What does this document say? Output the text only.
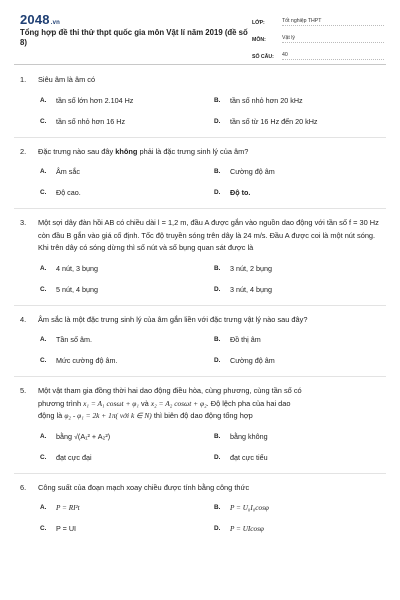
2048.vn
Tổng hợp đề thi thử thpt quốc gia môn Vật lí năm 2019 (đề số 8)
LỚP:	Tốt nghiệp THPT
MÔN:	Vật lý
SỐ CÂU:	40
1. Siêu âm là âm có
A.	tần số lớn hơn 2.104 Hz	B.	tần số nhỏ hơn 20 kHz
C.	tần số nhỏ hơn 16 Hz	D.	tần số từ 16 Hz đến 20 kHz
2. Đặc trưng nào sau đây không phải là đặc trưng sinh lý của âm?
A.	Âm sắc	B.	Cường độ âm
C.	Độ cao.	D.	Độ to.
3. Một sợi dây đàn hồi AB có chiều dài l = 1,2 m, đầu A được gắn vào nguồn dao động với tần số f = 30 Hz còn đầu B gắn vào giá cố định. Tốc độ truyền sóng trên dây là 24 m/s. Đầu A được coi là một nút sóng. Khi trên dây có sóng dừng thì số nút và số bụng quan sát được là
A.	4 nút, 3 bụng	B.	3 nút, 2 bụng
C.	5 nút, 4 bụng	D.	3 nút, 4 bụng
4. Âm sắc là một đặc trưng sinh lý của âm gắn liền với đặc trưng vật lý nào sau đây?
A.	Tần số âm.	B.	Đồ thị âm
C.	Mức cường độ âm.	D.	Cường độ âm
5. Một vật tham gia đồng thời hai dao động điều hòa, cùng phương, cùng tần số có
phương trình x₁ = A₁ cosωt + φ₁ và x₂ = A₂ cosωt + φ₂. Độ lệch pha của hai dao
động là φ₂ - φ₁ = 2k + 1π( với k ∈ N) thì biên độ dao động tổng hợp
A.	bằng √(A₁² + A₂²)	B.	bằng không
C.	đạt cực đại	D.	đạt cực tiểu
6. Công suất của đoạn mạch xoay chiều được tính bằng công thức
A.	P = RI²t	B.	P = U₀I₀cosφ
C.	P = UI	D.	P = UIcosφ
